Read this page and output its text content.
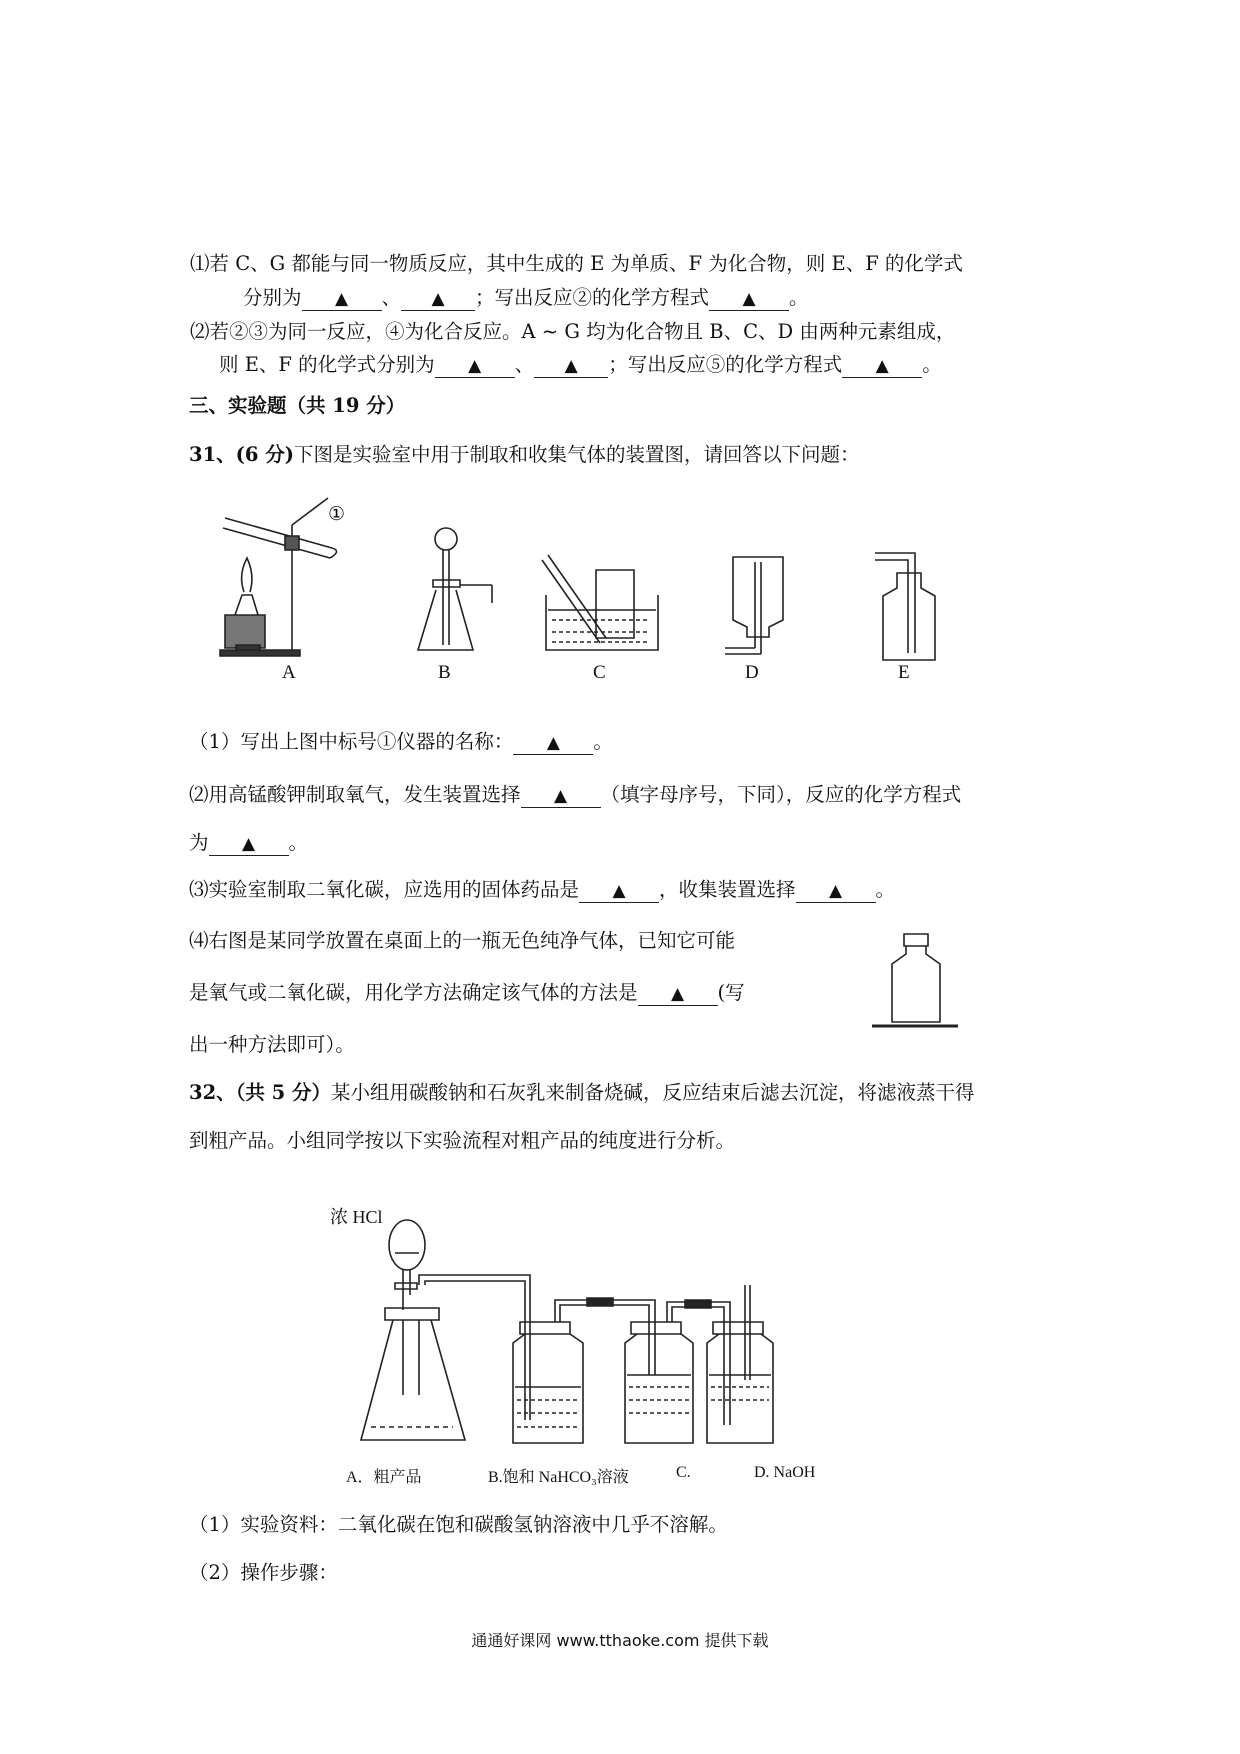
⑴若 C、G 都能与同一物质反应，其中生成的 E 为单质、F 为化合物，则 E、F 的化学式
分别为 ▲ 、 ▲ ；写出反应②的化学方程式 ▲ 。
⑵若②③为同一反应，④为化合反应。A ~ G 均为化合物且 B、C、D 由两种元素组成，
则 E、F 的化学式分别为 ▲ 、 ▲ ；写出反应⑤的化学方程式 ▲ 。
三、实验题（共 19 分）
31、(6 分)下图是实验室中用于制取和收集气体的装置图，请回答以下问题：
①
A	B	C	D	E
（1）写出上图中标号①仪器的名称： ▲ 。
⑵用高锰酸钾制取氧气，发生装置选择 ▲ （填字母序号，下同），反应的化学方程式
为 ▲ 。
⑶实验室制取二氧化碳，应选用的固体药品是 ▲ ，收集装置选择 ▲ 。
⑷右图是某同学放置在桌面上的一瓶无色纯净气体，已知它可能
是氧气或二氧化碳，用化学方法确定该气体的方法是 ▲ (写
出一种方法即可）。
32、（共 5 分）某小组用碳酸钠和石灰乳来制备烧碱，反应结束后滤去沉淀，将滤液蒸干得
到粗产品。小组同学按以下实验流程对粗产品的纯度进行分析。
浓 HCl
A．粗产品	B.饱和 NaHCO₃溶液	C.	D. NaOH
（1）实验资料：二氧化碳在饱和碳酸氢钠溶液中几乎不溶解。
（2）操作步骤：
通通好课网 www.tthaoke.com 提供下载
